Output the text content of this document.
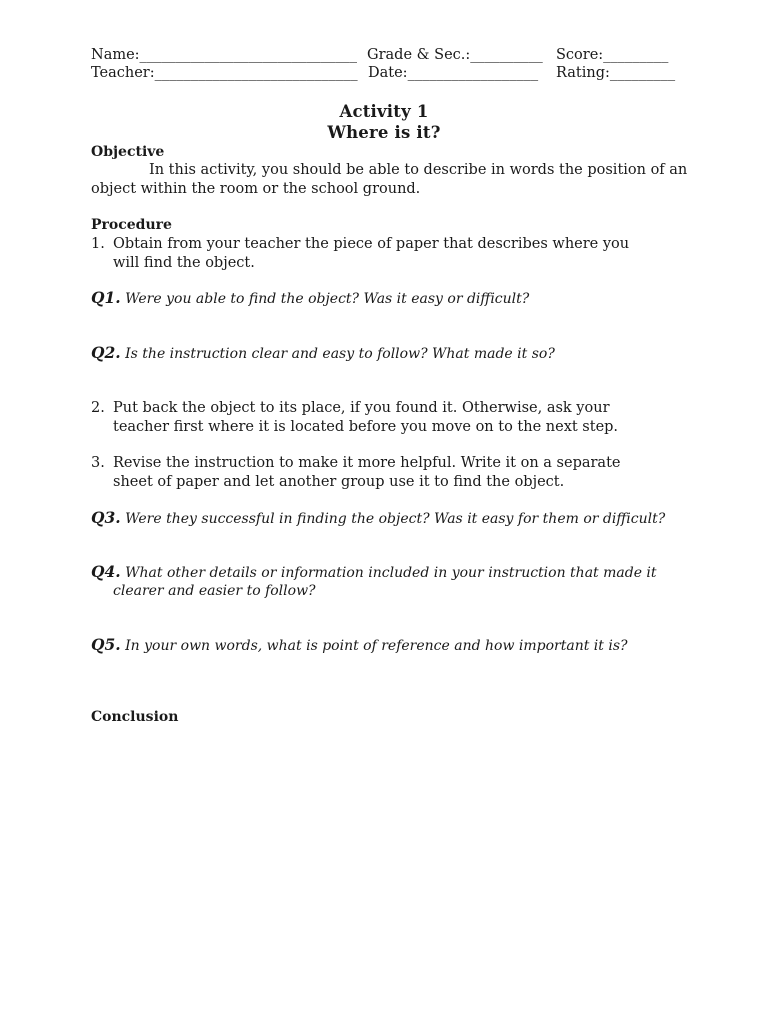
Name:______________________________ Grade & Sec.:__________ Score:_________
Teacher:____________________________ Date:__________________ Rating:_________
Activity 1
Where is it?
Objective
In this activity, you should be able to describe in words the position of an
object within the room or the school ground.
Procedure
1. Obtain from your teacher the piece of paper that describes where you
will find the object.
Q1. Were you able to find the object? Was it easy or difficult?
Q2. Is the instruction clear and easy to follow? What made it so?
2. Put back the object to its place, if you found it. Otherwise, ask your
teacher first where it is located before you move on to the next step.
3. Revise the instruction to make it more helpful. Write it on a separate
sheet of paper and let another group use it to find the object.
Q3. Were they successful in finding the object? Was it easy for them or difficult?
Q4. What other details or information included in your instruction that made it
clearer and easier to follow?
Q5. In your own words, what is point of reference and how important it is?
Conclusion
